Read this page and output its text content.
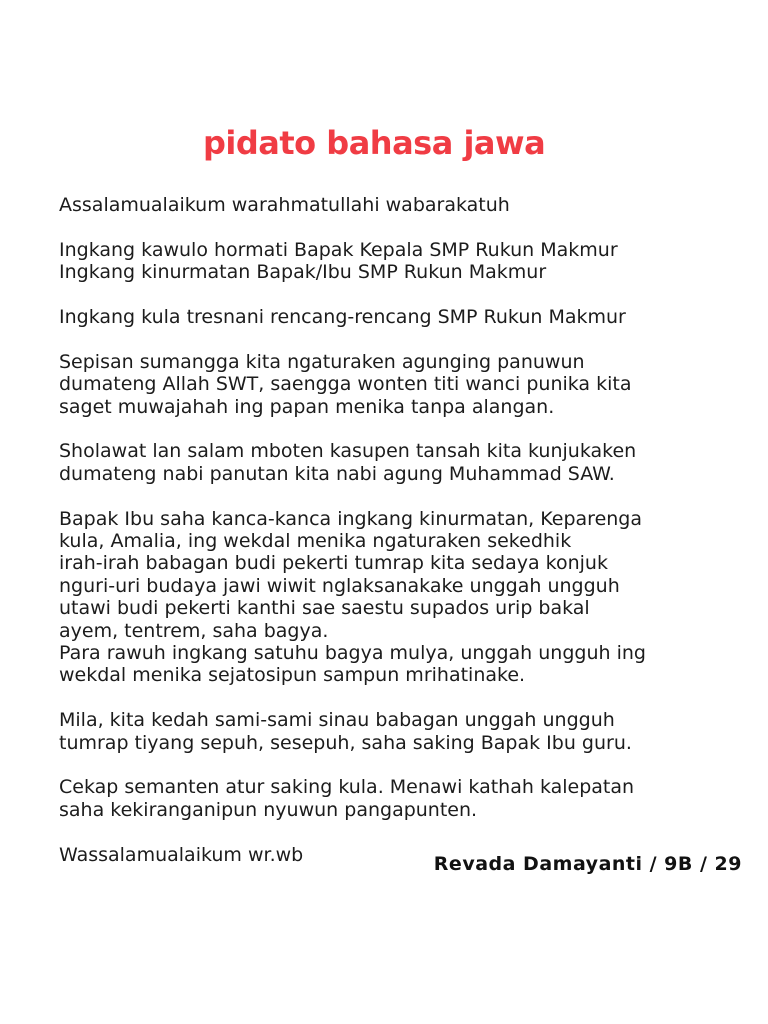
pidato bahasa jawa
Assalamualaikum warahmatullahi wabarakatuh
Ingkang kawulo hormati Bapak Kepala SMP Rukun Makmur
Ingkang kinurmatan Bapak/Ibu SMP Rukun Makmur
Ingkang kula tresnani rencang-rencang SMP Rukun Makmur
Sepisan sumangga kita ngaturaken agunging panuwun
dumateng Allah SWT, saengga wonten titi wanci punika kita
saget muwajahah ing papan menika tanpa alangan.
Sholawat lan salam mboten kasupen tansah kita kunjukaken
dumateng nabi panutan kita nabi agung Muhammad SAW.
Bapak Ibu saha kanca-kanca ingkang kinurmatan, Keparenga
kula, Amalia, ing wekdal menika ngaturaken sekedhik
irah-irah babagan budi pekerti tumrap kita sedaya konjuk
nguri-uri budaya jawi wiwit nglaksanakake unggah ungguh
utawi budi pekerti kanthi sae saestu supados urip bakal
ayem, tentrem, saha bagya.
Para rawuh ingkang satuhu bagya mulya, unggah ungguh ing
wekdal menika sejatosipun sampun mrihatinake.
Mila, kita kedah sami-sami sinau babagan unggah ungguh
tumrap tiyang sepuh, sesepuh, saha saking Bapak Ibu guru.
Cekap semanten atur saking kula. Menawi kathah kalepatan
saha kekiranganipun nyuwun pangapunten.
Wassalamualaikum wr.wb	Revada Damayanti / 9B / 29
